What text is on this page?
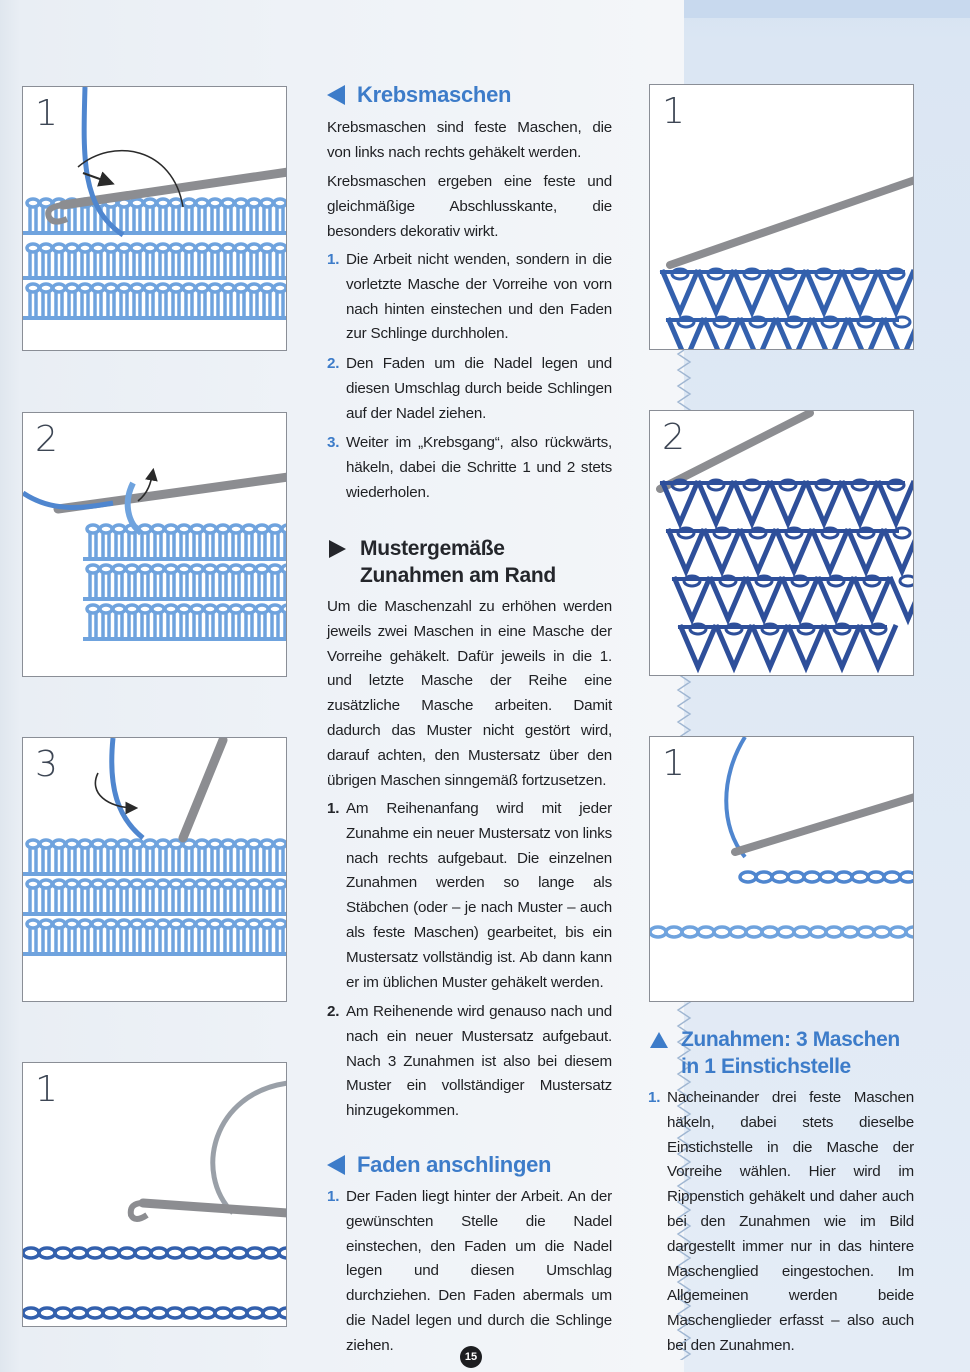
1
2
3
1
1
2
1
Krebsmaschen
Krebsmaschen sind feste Maschen, die von links nach rechts gehäkelt werden.
Krebsmaschen ergeben eine feste und gleichmäßige Abschlusskante, die besonders dekorativ wirkt.
1. Die Arbeit nicht wenden, sondern in die vorletzte Masche der Vorreihe von vorn nach hinten einstechen und den Faden zur Schlinge durchholen.
2. Den Faden um die Nadel legen und diesen Umschlag durch beide Schlingen auf der Nadel ziehen.
3. Weiter im „Krebsgang“, also rückwärts, häkeln, dabei die Schritte 1 und 2 stets wiederholen.
Mustergemäße
Zunahmen am Rand
Um die Maschenzahl zu erhöhen werden jeweils zwei Maschen in eine Masche der Vorreihe gehäkelt. Dafür jeweils in die 1. und letzte Masche der Reihe eine zusätzliche Masche arbeiten. Damit dadurch das Muster nicht gestört wird, darauf achten, den Mustersatz über den übrigen Maschen sinngemäß fortzusetzen.
1. Am Reihenanfang wird mit jeder Zunahme ein neuer Mustersatz von links nach rechts aufgebaut. Die einzelnen Zunahmen werden so lange als Stäbchen (oder – je nach Muster – auch als feste Maschen) gearbeitet, bis ein Mustersatz vollständig ist. Ab dann kann er im üblichen Muster gehäkelt werden.
2. Am Reihenende wird genauso nach und nach ein neuer Mustersatz aufgebaut. Nach 3 Zunahmen ist also bei diesem Muster ein vollständiger Mustersatz hinzugekommen.
Faden anschlingen
1. Der Faden liegt hinter der Arbeit. An der gewünschten Stelle die Nadel einstechen, den Faden um die Nadel legen und diesen Umschlag durchziehen. Den Faden abermals um die Nadel legen und durch die Schlinge ziehen.
Zunahmen: 3 Maschen
in 1 Einstichstelle
1. Nacheinander drei feste Maschen häkeln, dabei stets dieselbe Einstichstelle in die Masche der Vorreihe wählen. Hier wird im Rippenstich gehäkelt und daher auch bei den Zunahmen wie im Bild dargestellt immer nur in das hintere Maschenglied eingestochen. Im Allgemeinen werden beide Maschenglieder erfasst – also auch bei den Zunahmen.
15
